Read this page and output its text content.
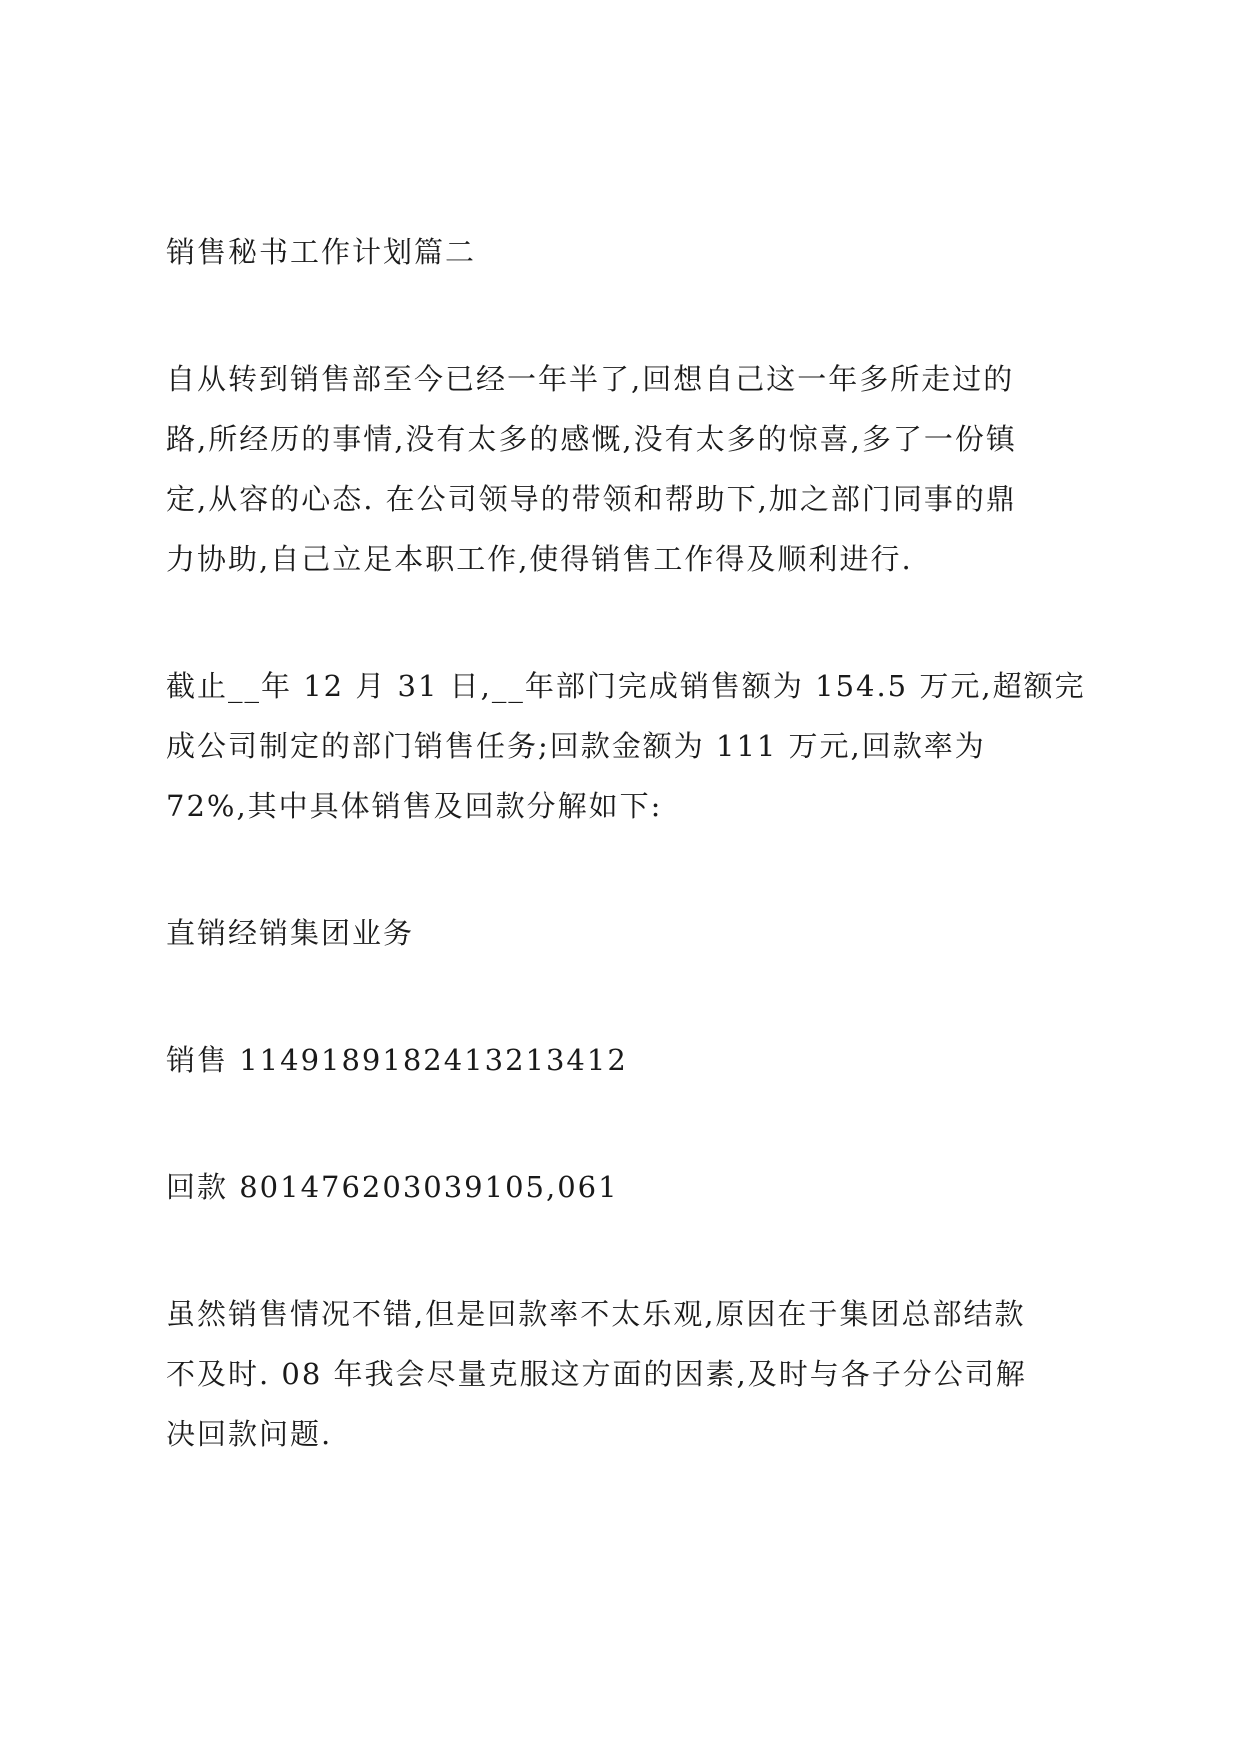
销售秘书工作计划篇二
自从转到销售部至今已经一年半了,回想自己这一年多所走过的
路,所经历的事情,没有太多的感慨,没有太多的惊喜,多了一份镇
定,从容的心态. 在公司领导的带领和帮助下,加之部门同事的鼎
力协助,自己立足本职工作,使得销售工作得及顺利进行.
截止__年 12 月 31 日,__年部门完成销售额为 154.5 万元,超额完
成公司制定的部门销售任务;回款金额为 111 万元,回款率为
72%,其中具体销售及回款分解如下:
直销经销集团业务
销售 1149189182413213412
回款 801476203039105,061
虽然销售情况不错,但是回款率不太乐观,原因在于集团总部结款
不及时. 08 年我会尽量克服这方面的因素,及时与各子分公司解
决回款问题.
